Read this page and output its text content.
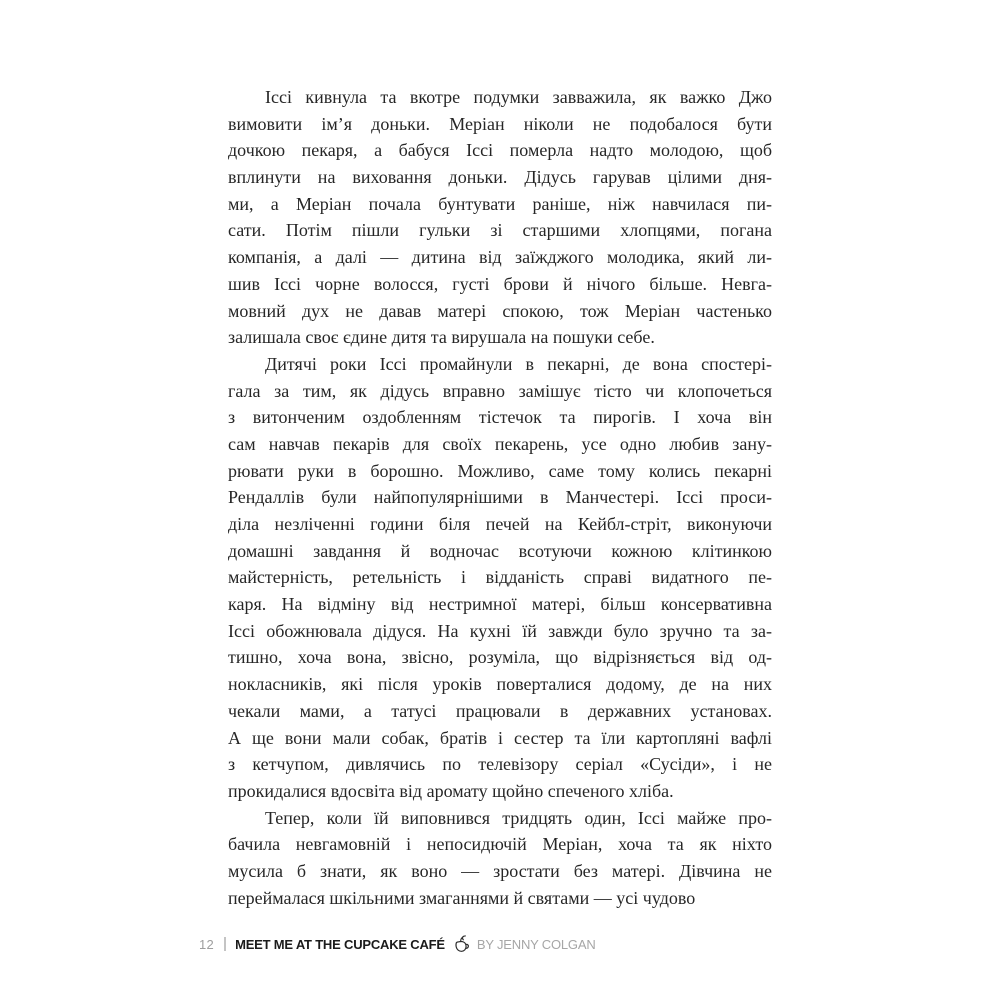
Іссі кивнула та вкотре подумки завважила, як важко Джо
вимовити ім’я доньки. Меріан ніколи не подобалося бути
дочкою пекаря, а бабуся Іссі померла надто молодою, щоб
вплинути на виховання доньки. Дідусь гарував цілими дня-
ми, а Меріан почала бунтувати раніше, ніж навчилася пи-
сати. Потім пішли гульки зі старшими хлопцями, погана
компанія, а далі — дитина від заїжджого молодика, який ли-
шив Іссі чорне волосся, густі брови й нічого більше. Невга-
мовний дух не давав матері спокою, тож Меріан частенько
залишала своє єдине дитя та вирушала на пошуки себе.
Дитячі роки Іссі промайнули в пекарні, де вона спостері-
гала за тим, як дідусь вправно замішує тісто чи клопочеться
з витонченим оздобленням тістечок та пирогів. І хоча він
сам навчав пекарів для своїх пекарень, усе одно любив зану-
рювати руки в борошно. Можливо, саме тому колись пекарні
Рендаллів були найпопулярнішими в Манчестері. Іссі проси-
діла незліченні години біля печей на Кейбл-стріт, виконуючи
домашні завдання й водночас всотуючи кожною клітинкою
майстерність, ретельність і відданість справі видатного пе-
каря. На відміну від нестримної матері, більш консервативна
Іссі обожнювала дідуся. На кухні їй завжди було зручно та за-
тишно, хоча вона, звісно, розуміла, що відрізняється від од-
нокласників, які після уроків поверталися додому, де на них
чекали мами, а татусі працювали в державних установах.
А ще вони мали собак, братів і сестер та їли картопляні вафлі
з кетчупом, дивлячись по телевізору серіал «Сусіди», і не
прокидалися вдосвіта від аромату щойно спеченого хліба.
Тепер, коли їй виповнився тридцять один, Іссі майже про-
бачила невгамовній і непосидючій Меріан, хоча та як ніхто
мусила б знати, як воно — зростати без матері. Дівчина не
переймалася шкільними змаганнями й святами — усі чудово
12 MEET ME AT THE CUPCAKE CAFÉ BY JENNY COLGAN
